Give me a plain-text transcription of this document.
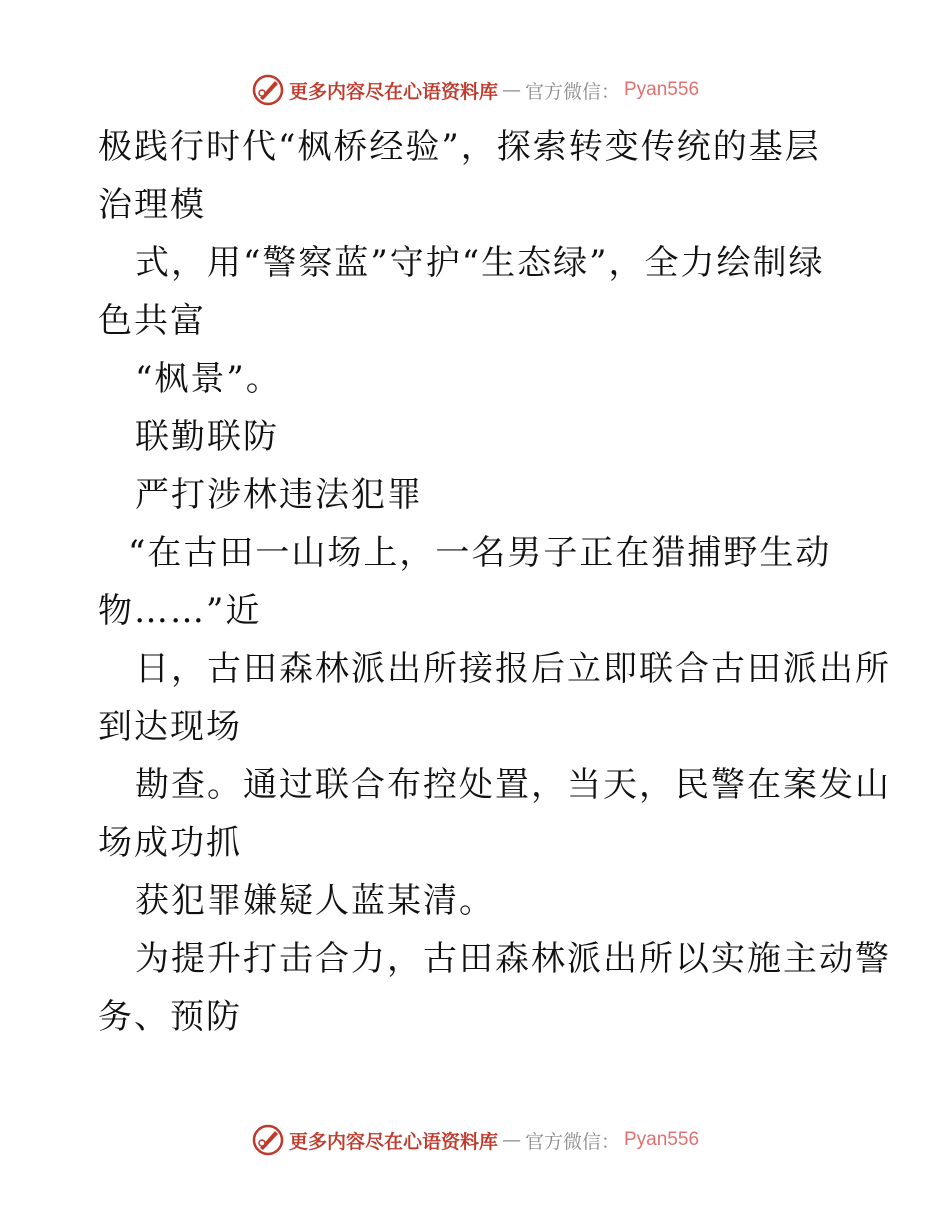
更多内容尽在心语资料库 — 官方微信： Pyan556
极践行时代“枫桥经验”，探索转变传统的基层
治理模
式，用“警察蓝”守护“生态绿”，全力绘制绿
色共富
“枫景”。
联勤联防
严打涉林违法犯罪
“在古田一山场上，一名男子正在猎捕野生动
物……”近
日，古田森林派出所接报后立即联合古田派出所
到达现场
勘查。通过联合布控处置，当天，民警在案发山
场成功抓
获犯罪嫌疑人蓝某清。
为提升打击合力，古田森林派出所以实施主动警
务、预防
更多内容尽在心语资料库 — 官方微信： Pyan556
